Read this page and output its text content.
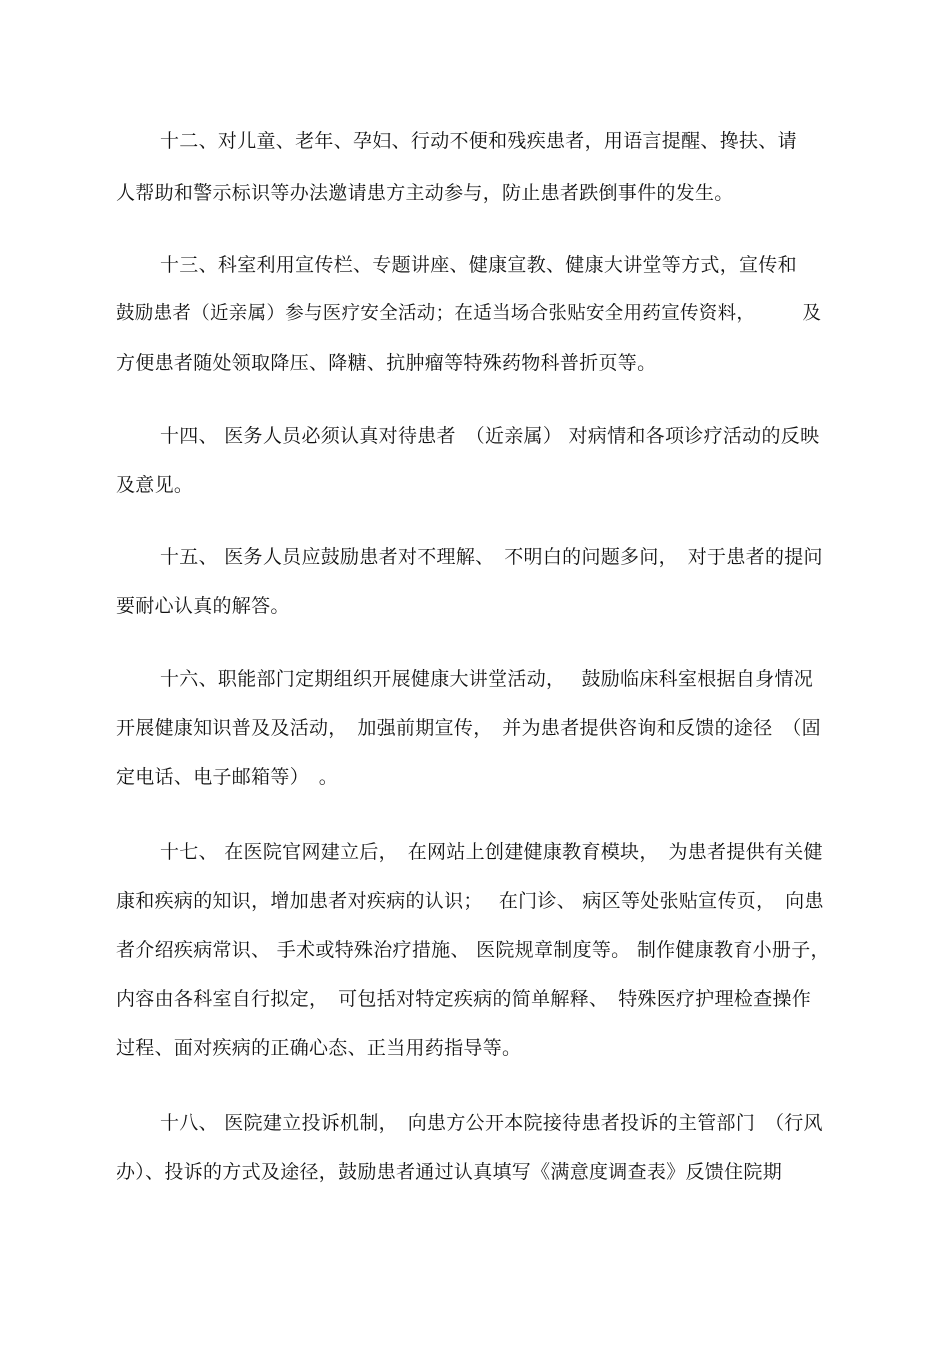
十二、对儿童、老年、孕妇、行动不便和残疾患者，用语言提醒、搀扶、请
人帮助和警示标识等办法邀请患方主动参与，防止患者跌倒事件的发生。
十三、科室利用宣传栏、专题讲座、健康宣教、健康大讲堂等方式，宣传和
鼓励患者（近亲属）参与医疗安全活动；在适当场合张贴安全用药宣传资料，　　　及
方便患者随处领取降压、降糖、抗肿瘤等特殊药物科普折页等。
十四、 医务人员必须认真对待患者　（近亲属） 对病情和各项诊疗活动的反映
及意见。
十五、 医务人员应鼓励患者对不理解、　不明白的问题多问，　对于患者的提问
要耐心认真的解答。
十六、职能部门定期组织开展健康大讲堂活动，　 鼓励临床科室根据自身情况
开展健康知识普及及活动，　加强前期宣传，　并为患者提供咨询和反馈的途径　（固
定电话、电子邮箱等）　。
十七、 在医院官网建立后，　在网站上创建健康教育模块，　为患者提供有关健
康和疾病的知识，增加患者对疾病的认识；　 在门诊、 病区等处张贴宣传页，　向患
者介绍疾病常识、 手术或特殊治疗措施、 医院规章制度等。 制作健康教育小册子，
内容由各科室自行拟定，　可包括对特定疾病的简单解释、　特殊医疗护理检查操作
过程、面对疾病的正确心态、正当用药指导等。
十八、 医院建立投诉机制，　向患方公开本院接待患者投诉的主管部门　（行风
办）、投诉的方式及途径，鼓励患者通过认真填写《满意度调查表》反馈住院期
